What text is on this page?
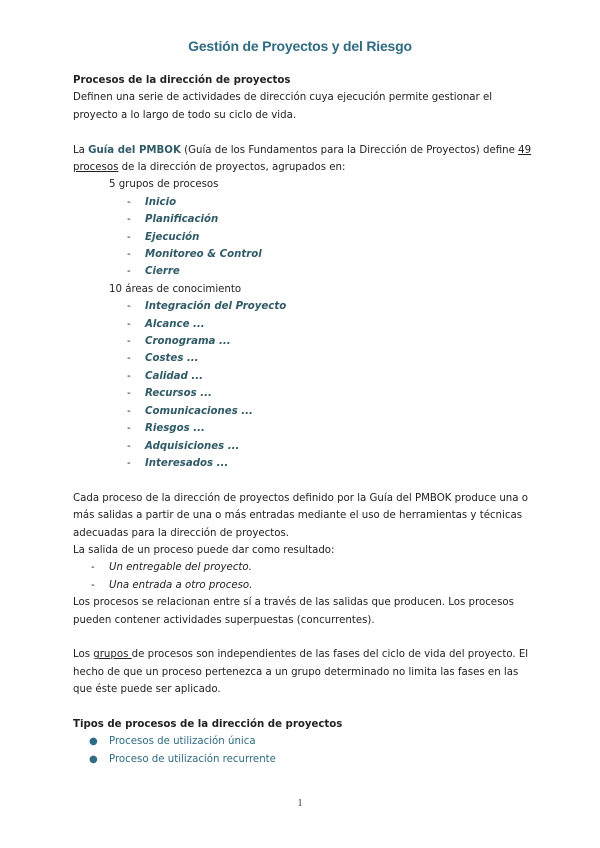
Gestión de Proyectos y del Riesgo
Procesos de la dirección de proyectos
Definen una serie de actividades de dirección cuya ejecución permite gestionar el proyecto a lo largo de todo su ciclo de vida.
La Guía del PMBOK (Guía de los Fundamentos para la Dirección de Proyectos) define 49 procesos de la dirección de proyectos, agrupados en:
5 grupos de procesos
- Inicio
- Planificación
- Ejecución
- Monitoreo & Control
- Cierre
10 áreas de conocimiento
- Integración del Proyecto
- Alcance ...
- Cronograma ...
- Costes ...
- Calidad ...
- Recursos ...
- Comunicaciones ...
- Riesgos ...
- Adquisiciones ...
- Interesados ...
Cada proceso de la dirección de proyectos definido por la Guía del PMBOK produce una o más salidas a partir de una o más entradas mediante el uso de herramientas y técnicas adecuadas para la dirección de proyectos.
La salida de un proceso puede dar como resultado:
- Un entregable del proyecto.
- Una entrada a otro proceso.
Los procesos se relacionan entre sí a través de las salidas que producen. Los procesos pueden contener actividades superpuestas (concurrentes).
Los grupos de procesos son independientes de las fases del ciclo de vida del proyecto. El hecho de que un proceso pertenezca a un grupo determinado no limita las fases en las que éste puede ser aplicado.
Tipos de procesos de la dirección de proyectos
● Procesos de utilización única
● Proceso de utilización recurrente
1
